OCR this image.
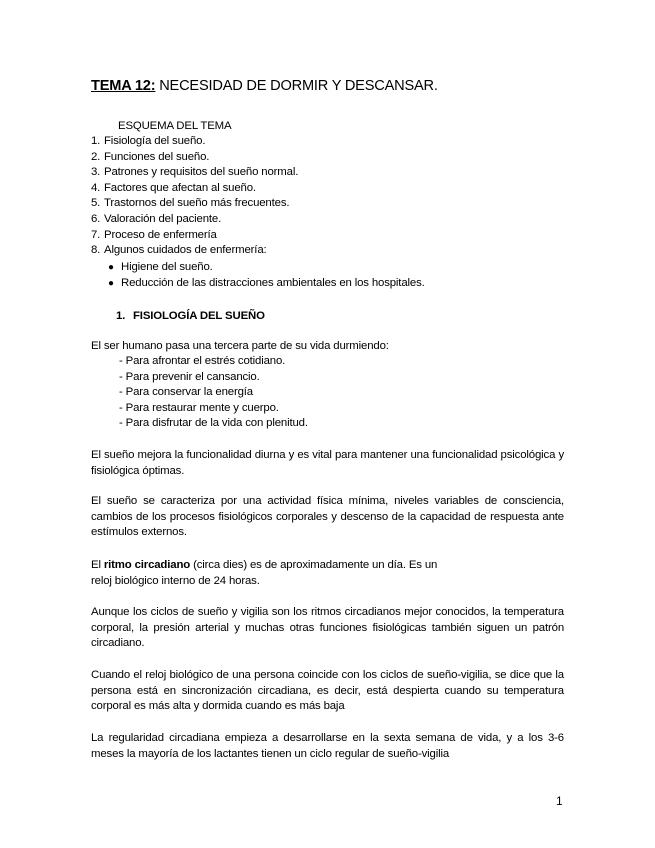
TEMA 12: NECESIDAD DE DORMIR Y DESCANSAR.
ESQUEMA DEL TEMA
1. Fisiología del sueño.
2. Funciones del sueño.
3. Patrones y requisitos del sueño normal.
4. Factores que afectan al sueño.
5. Trastornos del sueño más frecuentes.
6. Valoración del paciente.
7. Proceso de enfermería
8. Algunos cuidados de enfermería:
● Higiene del sueño.
● Reducción de las distracciones ambientales en los hospitales.
1. FISIOLOGÍA DEL SUEÑO
El ser humano pasa una tercera parte de su vida durmiendo:
- Para afrontar el estrés cotidiano.
- Para prevenir el cansancio.
- Para conservar la energía
- Para restaurar mente y cuerpo.
- Para disfrutar de la vida con plenitud.

El sueño mejora la funcionalidad diurna y es vital para mantener una funcionalidad psicológica y fisiológica óptimas.

El sueño se caracteriza por una actividad física mínima, niveles variables de consciencia, cambios de los procesos fisiológicos corporales y descenso de la capacidad de respuesta ante estímulos externos.

El ritmo circadiano (circa dies) es de aproximadamente un día. Es un
reloj biológico interno de 24 horas.

Aunque los ciclos de sueño y vigilia son los ritmos circadianos mejor conocidos, la temperatura corporal, la presión arterial y muchas otras funciones fisiológicas también siguen un patrón circadiano.

Cuando el reloj biológico de una persona coincide con los ciclos de sueño-vigilia, se dice que la persona está en sincronización circadiana, es decir, está despierta cuando su temperatura corporal es más alta y dormida cuando es más baja

La regularidad circadiana empieza a desarrollarse en la sexta semana de vida, y a los 3-6 meses la mayoría de los lactantes tienen un ciclo regular de sueño-vigilia

1
